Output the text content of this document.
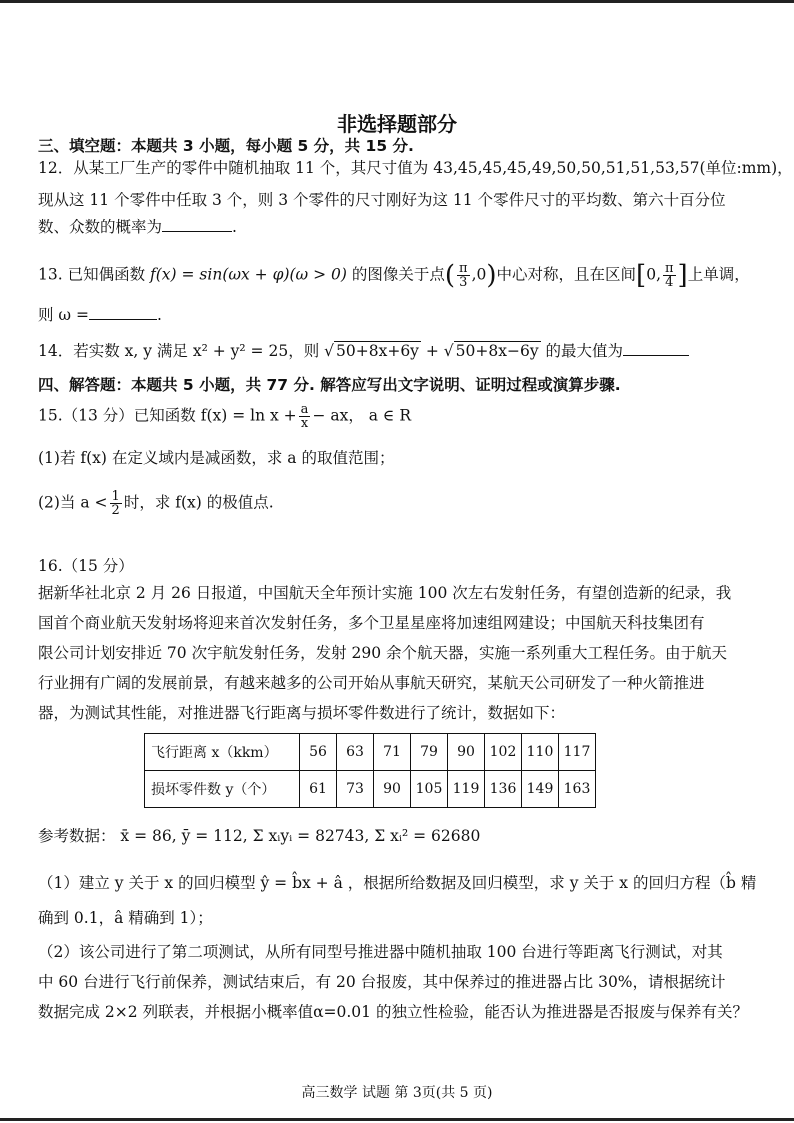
非选择题部分
三、填空题：本题共 3 小题，每小题 5 分，共 15 分.
12．从某工厂生产的零件中随机抽取 11 个，其尺寸值为 43,45,45,45,49,50,50,51,51,53,57(单位:mm)，
现从这 11 个零件中任取 3 个，则 3 个零件的尺寸刚好为这 11 个零件尺寸的平均数、第六十百分位
数、众数的概率为	.
13. 已知偶函数 f(x) = sin(ωx + φ)(ω > 0) 的图像关于点( $\frac{\pi}{3} ,0$)中心对称，且在区间[0, $\frac{\pi}{4}$ ]上单调，
则 ω =	.
14．若实数 x, y 满足 x² + y² = 25，则 √ 50+8x+6y + √ 50+8x−6y 的最大值为
四、解答题：本题共 5 小题，共 77 分. 解答应写出文字说明、证明过程或演算步骤.
15.（13 分）已知函数 $f(x) = \ln x + \frac{a}{x}$ − ax， a ∈ R
(1)若 f(x) 在定义域内是减函数，求 a 的取值范围；
(2)当 $a < \frac{1}{2}$ 时，求 f(x) 的极值点.
16.（15 分）
据新华社北京 2 月 26 日报道，中国航天全年预计实施 100 次左右发射任务，有望创造新的纪录，我
国首个商业航天发射场将迎来首次发射任务，多个卫星星座将加速组网建设；中国航天科技集团有
限公司计划安排近 70 次宇航发射任务，发射 290 余个航天器，实施一系列重大工程任务。由于航天
行业拥有广阔的发展前景，有越来越多的公司开始从事航天研究，某航天公司研发了一种火箭推进
器，为测试其性能，对推进器飞行距离与损坏零件数进行了统计，数据如下：
飞行距离 x（kkm）	56	63	71	79	90	102	110	117
损坏零件数 y（个）	61	73	90	105	119	136	149	163
参考数据： x̄ = 86, ȳ = 112, Σ xᵢyᵢ = 82743, Σ xᵢ² = 62680
（1）建立 y 关于 x 的回归模型 ŷ = b̂x + â ，根据所给数据及回归模型，求 y 关于 x 的回归方程（b̂ 精
确到 0.1，â 精确到 1）；
（2）该公司进行了第二项测试，从所有同型号推进器中随机抽取 100 台进行等距离飞行测试，对其
中 60 台进行飞行前保养，测试结束后，有 20 台报废，其中保养过的推进器占比 30%，请根据统计
数据完成 2×2 列联表，并根据小概率值α=0.01 的独立性检验，能否认为推进器是否报废与保养有关？
高三数学 试题 第 3页(共 5 页)
